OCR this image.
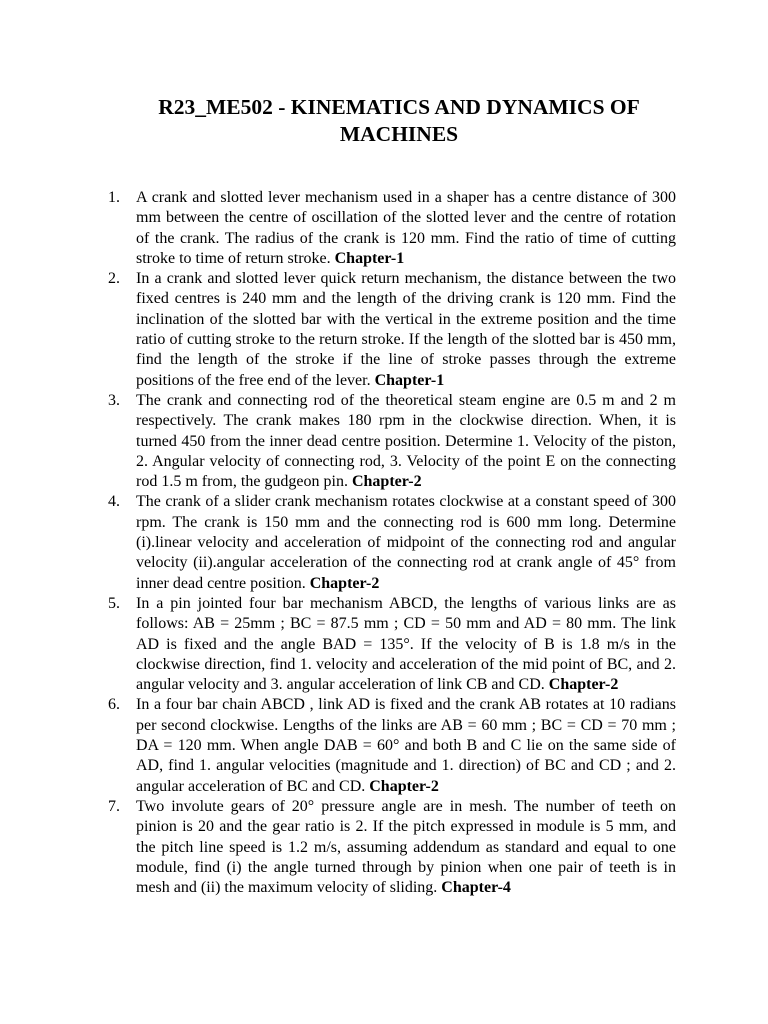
R23_ME502 - KINEMATICS AND DYNAMICS OF MACHINES
1.	A crank and slotted lever mechanism used in a shaper has a centre distance of 300 mm between the centre of oscillation of the slotted lever and the centre of rotation of the crank. The radius of the crank is 120 mm. Find the ratio of time of cutting stroke to time of return stroke. Chapter-1
2.	In a crank and slotted lever quick return mechanism, the distance between the two fixed centres is 240 mm and the length of the driving crank is 120 mm. Find the inclination of the slotted bar with the vertical in the extreme position and the time ratio of cutting stroke to the return stroke. If the length of the slotted bar is 450 mm, find the length of the stroke if the line of stroke passes through the extreme positions of the free end of the lever. Chapter-1
3.	The crank and connecting rod of the theoretical steam engine are 0.5 m and 2 m respectively. The crank makes 180 rpm in the clockwise direction. When, it is turned 450 from the inner dead centre position. Determine 1. Velocity of the piston, 2. Angular velocity of connecting rod, 3. Velocity of the point E on the connecting rod 1.5 m from, the gudgeon pin. Chapter-2
4.	The crank of a slider crank mechanism rotates clockwise at a constant speed of 300 rpm. The crank is 150 mm and the connecting rod is 600 mm long. Determine (i).linear velocity and acceleration of midpoint of the connecting rod and angular velocity (ii).angular acceleration of the connecting rod at crank angle of 45° from inner dead centre position. Chapter-2
5.	In a pin jointed four bar mechanism ABCD, the lengths of various links are as follows: AB = 25mm ; BC = 87.5 mm ; CD = 50 mm and AD = 80 mm. The link AD is fixed and the angle BAD = 135°. If the velocity of B is 1.8 m/s in the clockwise direction, find 1. velocity and acceleration of the mid point of BC, and 2. angular velocity and 3. angular acceleration of link CB and CD. Chapter-2
6.	In a four bar chain ABCD , link AD is fixed and the crank AB rotates at 10 radians per second clockwise. Lengths of the links are AB = 60 mm ; BC = CD = 70 mm ; DA = 120 mm. When angle DAB = 60° and both B and C lie on the same side of AD, find 1. angular velocities (magnitude and 1. direction) of BC and CD ; and 2. angular acceleration of BC and CD. Chapter-2
7.	Two involute gears of 20° pressure angle are in mesh. The number of teeth on pinion is 20 and the gear ratio is 2. If the pitch expressed in module is 5 mm, and the pitch line speed is 1.2 m/s, assuming addendum as standard and equal to one module, find (i) the angle turned through by pinion when one pair of teeth is in mesh and (ii) the maximum velocity of sliding. Chapter-4
